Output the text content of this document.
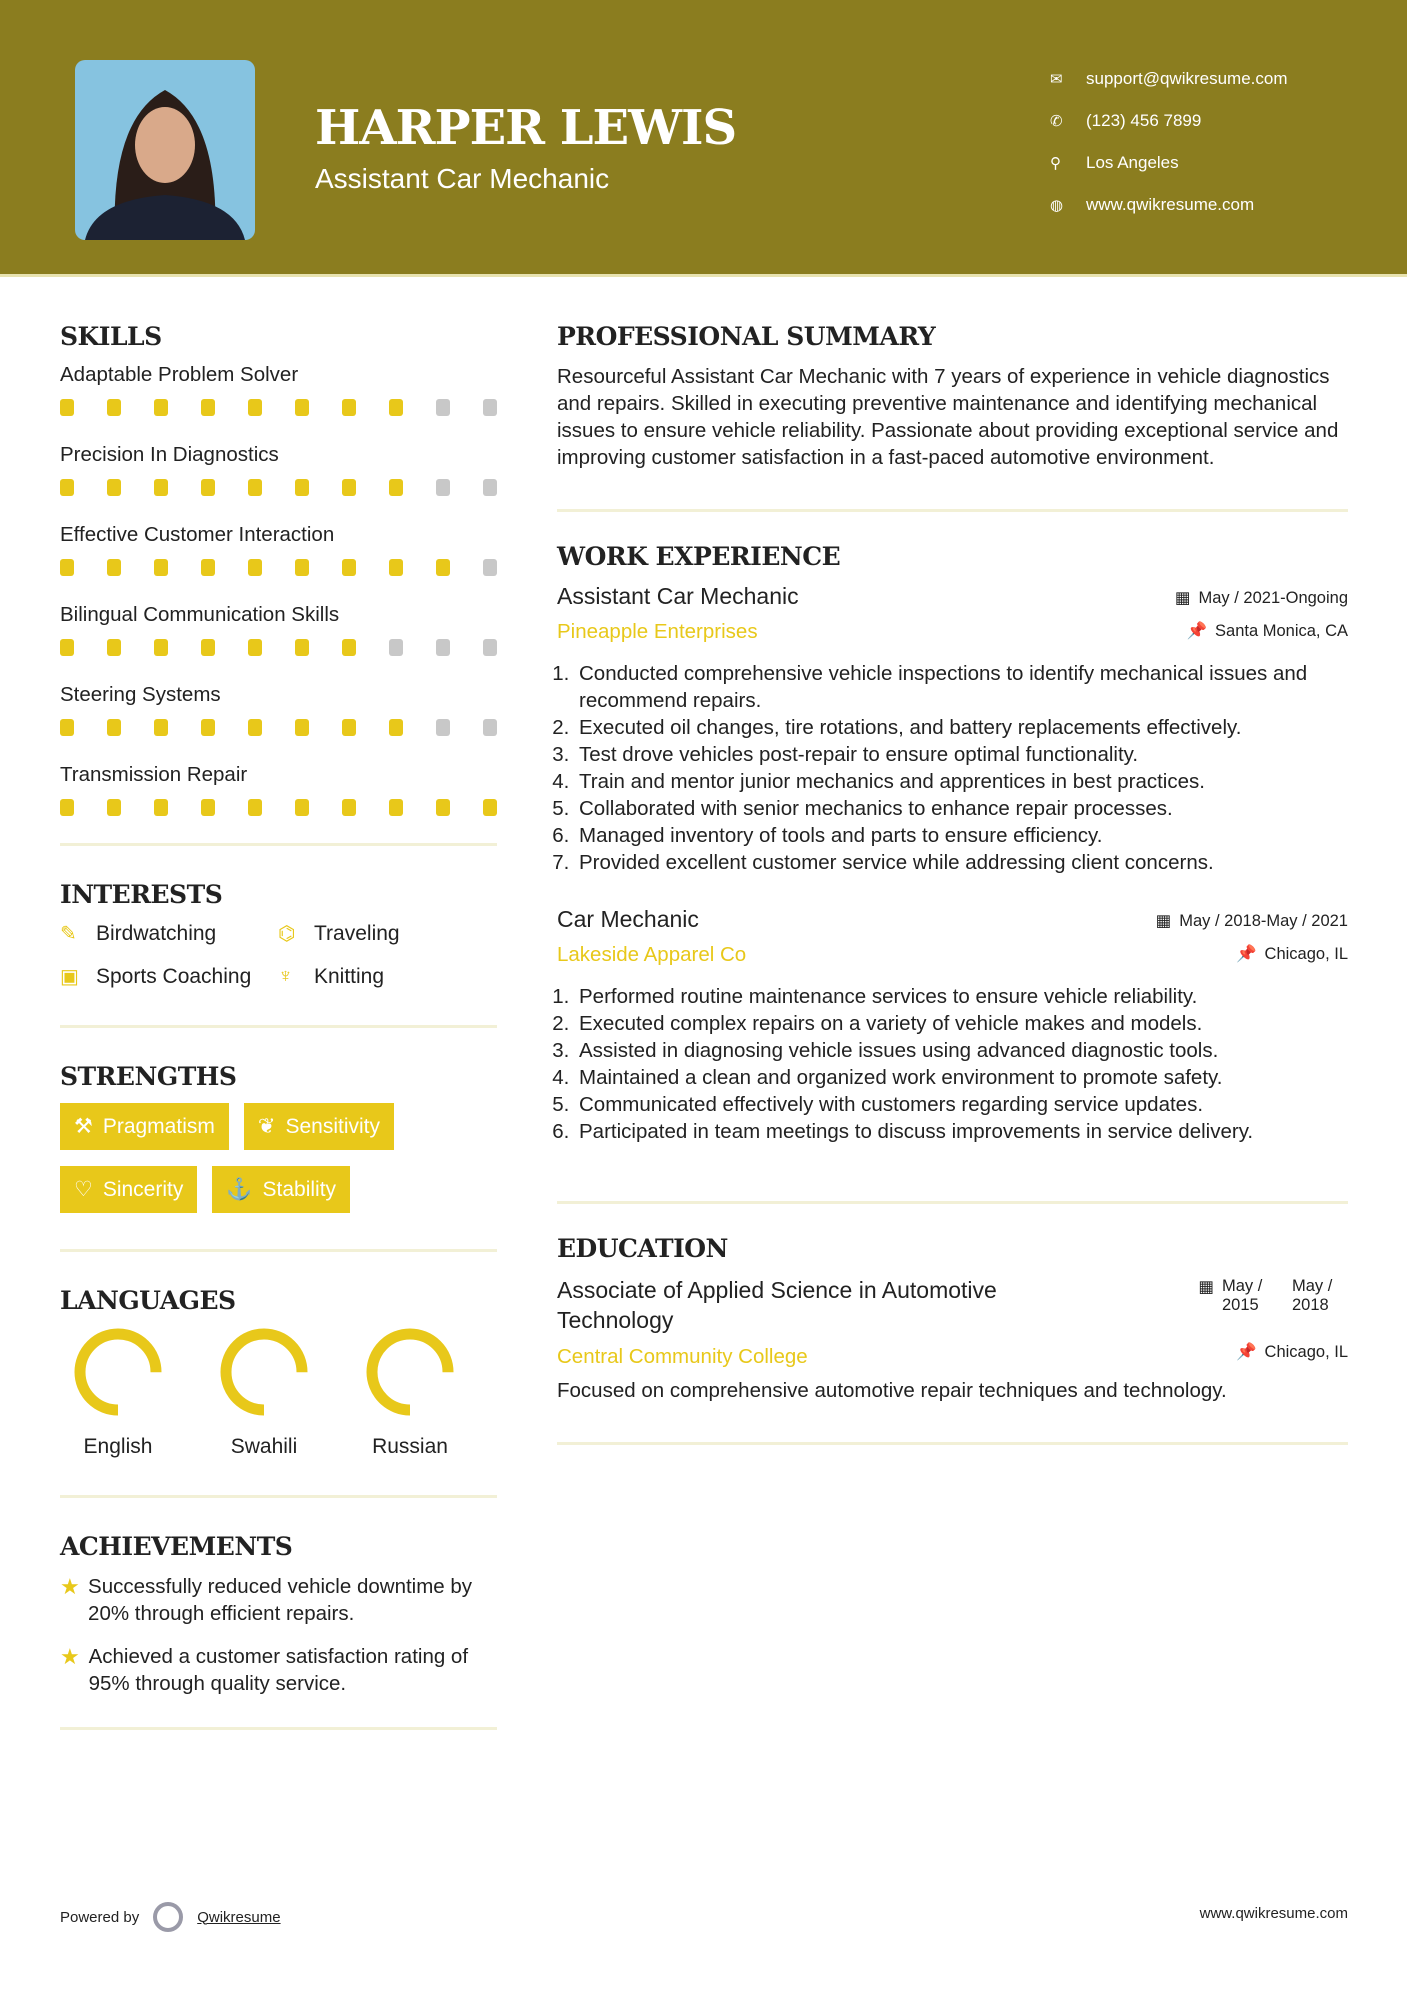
HARPER LEWIS
Assistant Car Mechanic
✉	support@qwikresume.com
✆	(123) 456 7899
⚲	Los Angeles
◍	www.qwikresume.com
SKILLS
Adaptable Problem Solver
Precision In Diagnostics
Effective Customer Interaction
Bilingual Communication Skills
Steering Systems
Transmission Repair
INTERESTS
✎ Birdwatching	⌬ Traveling
▣ Sports Coaching ♆	Knitting
STRENGTHS
⚒ Pragmatism ❦ Sensitivity
♡ Sincerity ⚓ Stability
LANGUAGES
English	Swahili	Russian
ACHIEVEMENTS
★ Successfully reduced vehicle downtime by 20% through efficient repairs.
★ Achieved a customer satisfaction rating of 95% through quality service.
PROFESSIONAL SUMMARY

Resourceful Assistant Car Mechanic with 7 years of experience in vehicle diagnostics and repairs. Skilled in executing preventive maintenance and identifying mechanical issues to ensure vehicle reliability. Passionate about providing exceptional service and improving customer satisfaction in a fast-paced automotive environment.

WORK EXPERIENCE
Assistant Car Mechanic	▦ May / 2021-Ongoing
Pineapple Enterprises	📌 Santa Monica, CA
1. Conducted comprehensive vehicle inspections to identify mechanical issues and recommend repairs.
2. Executed oil changes, tire rotations, and battery replacements effectively.
3. Test drove vehicles post-repair to ensure optimal functionality.
4. Train and mentor junior mechanics and apprentices in best practices.
5. Collaborated with senior mechanics to enhance repair processes.
6. Managed inventory of tools and parts to ensure efficiency.
7. Provided excellent customer service while addressing client concerns.
Car Mechanic	▦ May / 2018-May / 2021
Lakeside Apparel Co	📌 Chicago, IL
1. Performed routine maintenance services to ensure vehicle reliability.
2. Executed complex repairs on a variety of vehicle makes and models.
3. Assisted in diagnosing vehicle issues using advanced diagnostic tools.
4. Maintained a clean and organized work environment to promote safety.
5. Communicated effectively with customers regarding service updates.
6. Participated in team meetings to discuss improvements in service delivery.
EDUCATION
Associate of Applied Science in Automotive Technology
▦ May / 2015
May / 2018
Central Community College	📌 Chicago, IL

Focused on comprehensive automotive repair techniques and technology.

Powered by	Qwikresume	www.qwikresume.com
